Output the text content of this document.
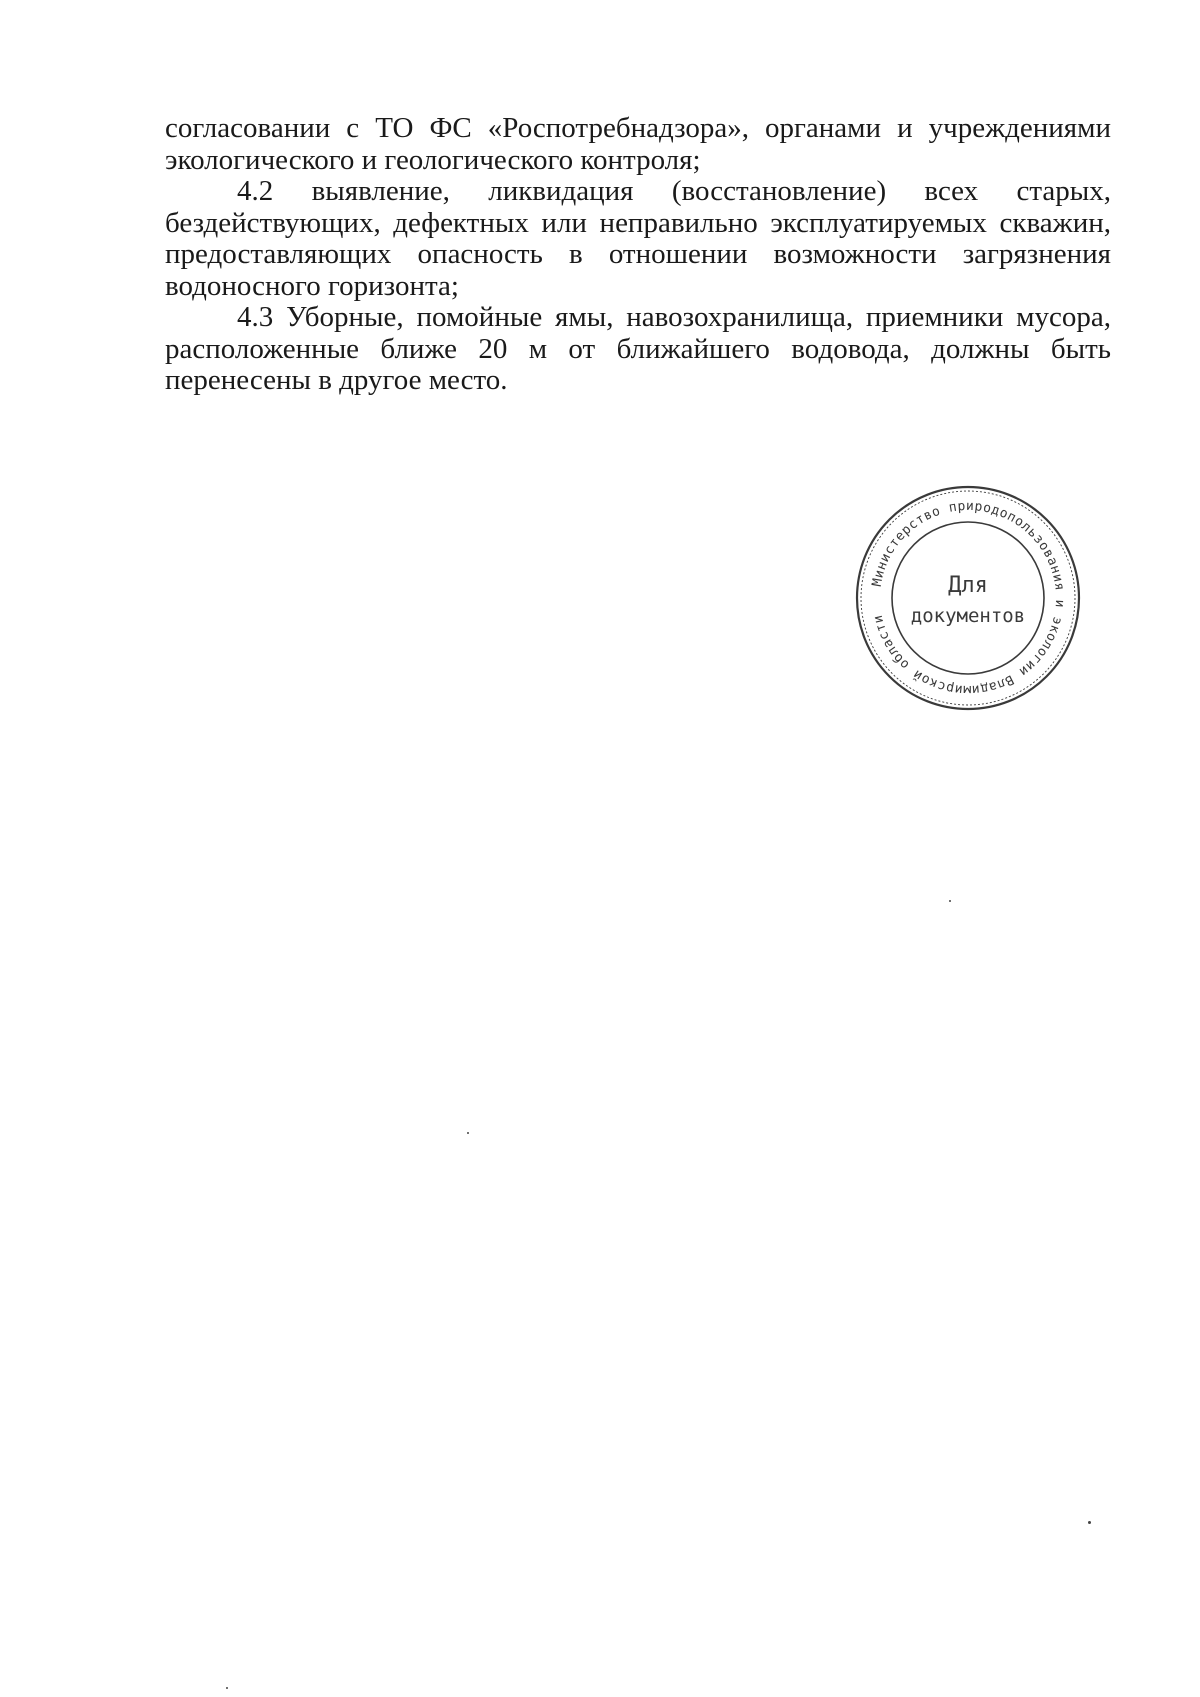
согласовании с ТО ФС «Роспотребнадзора», органами и учреждениями экологического и геологического контроля;

4.2 выявление, ликвидация (восстановление) всех старых, бездействующих, дефектных или неправильно эксплуатируемых скважин, предоставляющих опасность в отношении возможности загрязнения водоносного горизонта;

4.3 Уборные, помойные ямы, навозохранилища, приемники мусора, расположенные ближе 20 м от ближайшего водовода, должны быть перенесены в другое место.

Министерство природопользования и экологии Владимирской области
Для
документов
